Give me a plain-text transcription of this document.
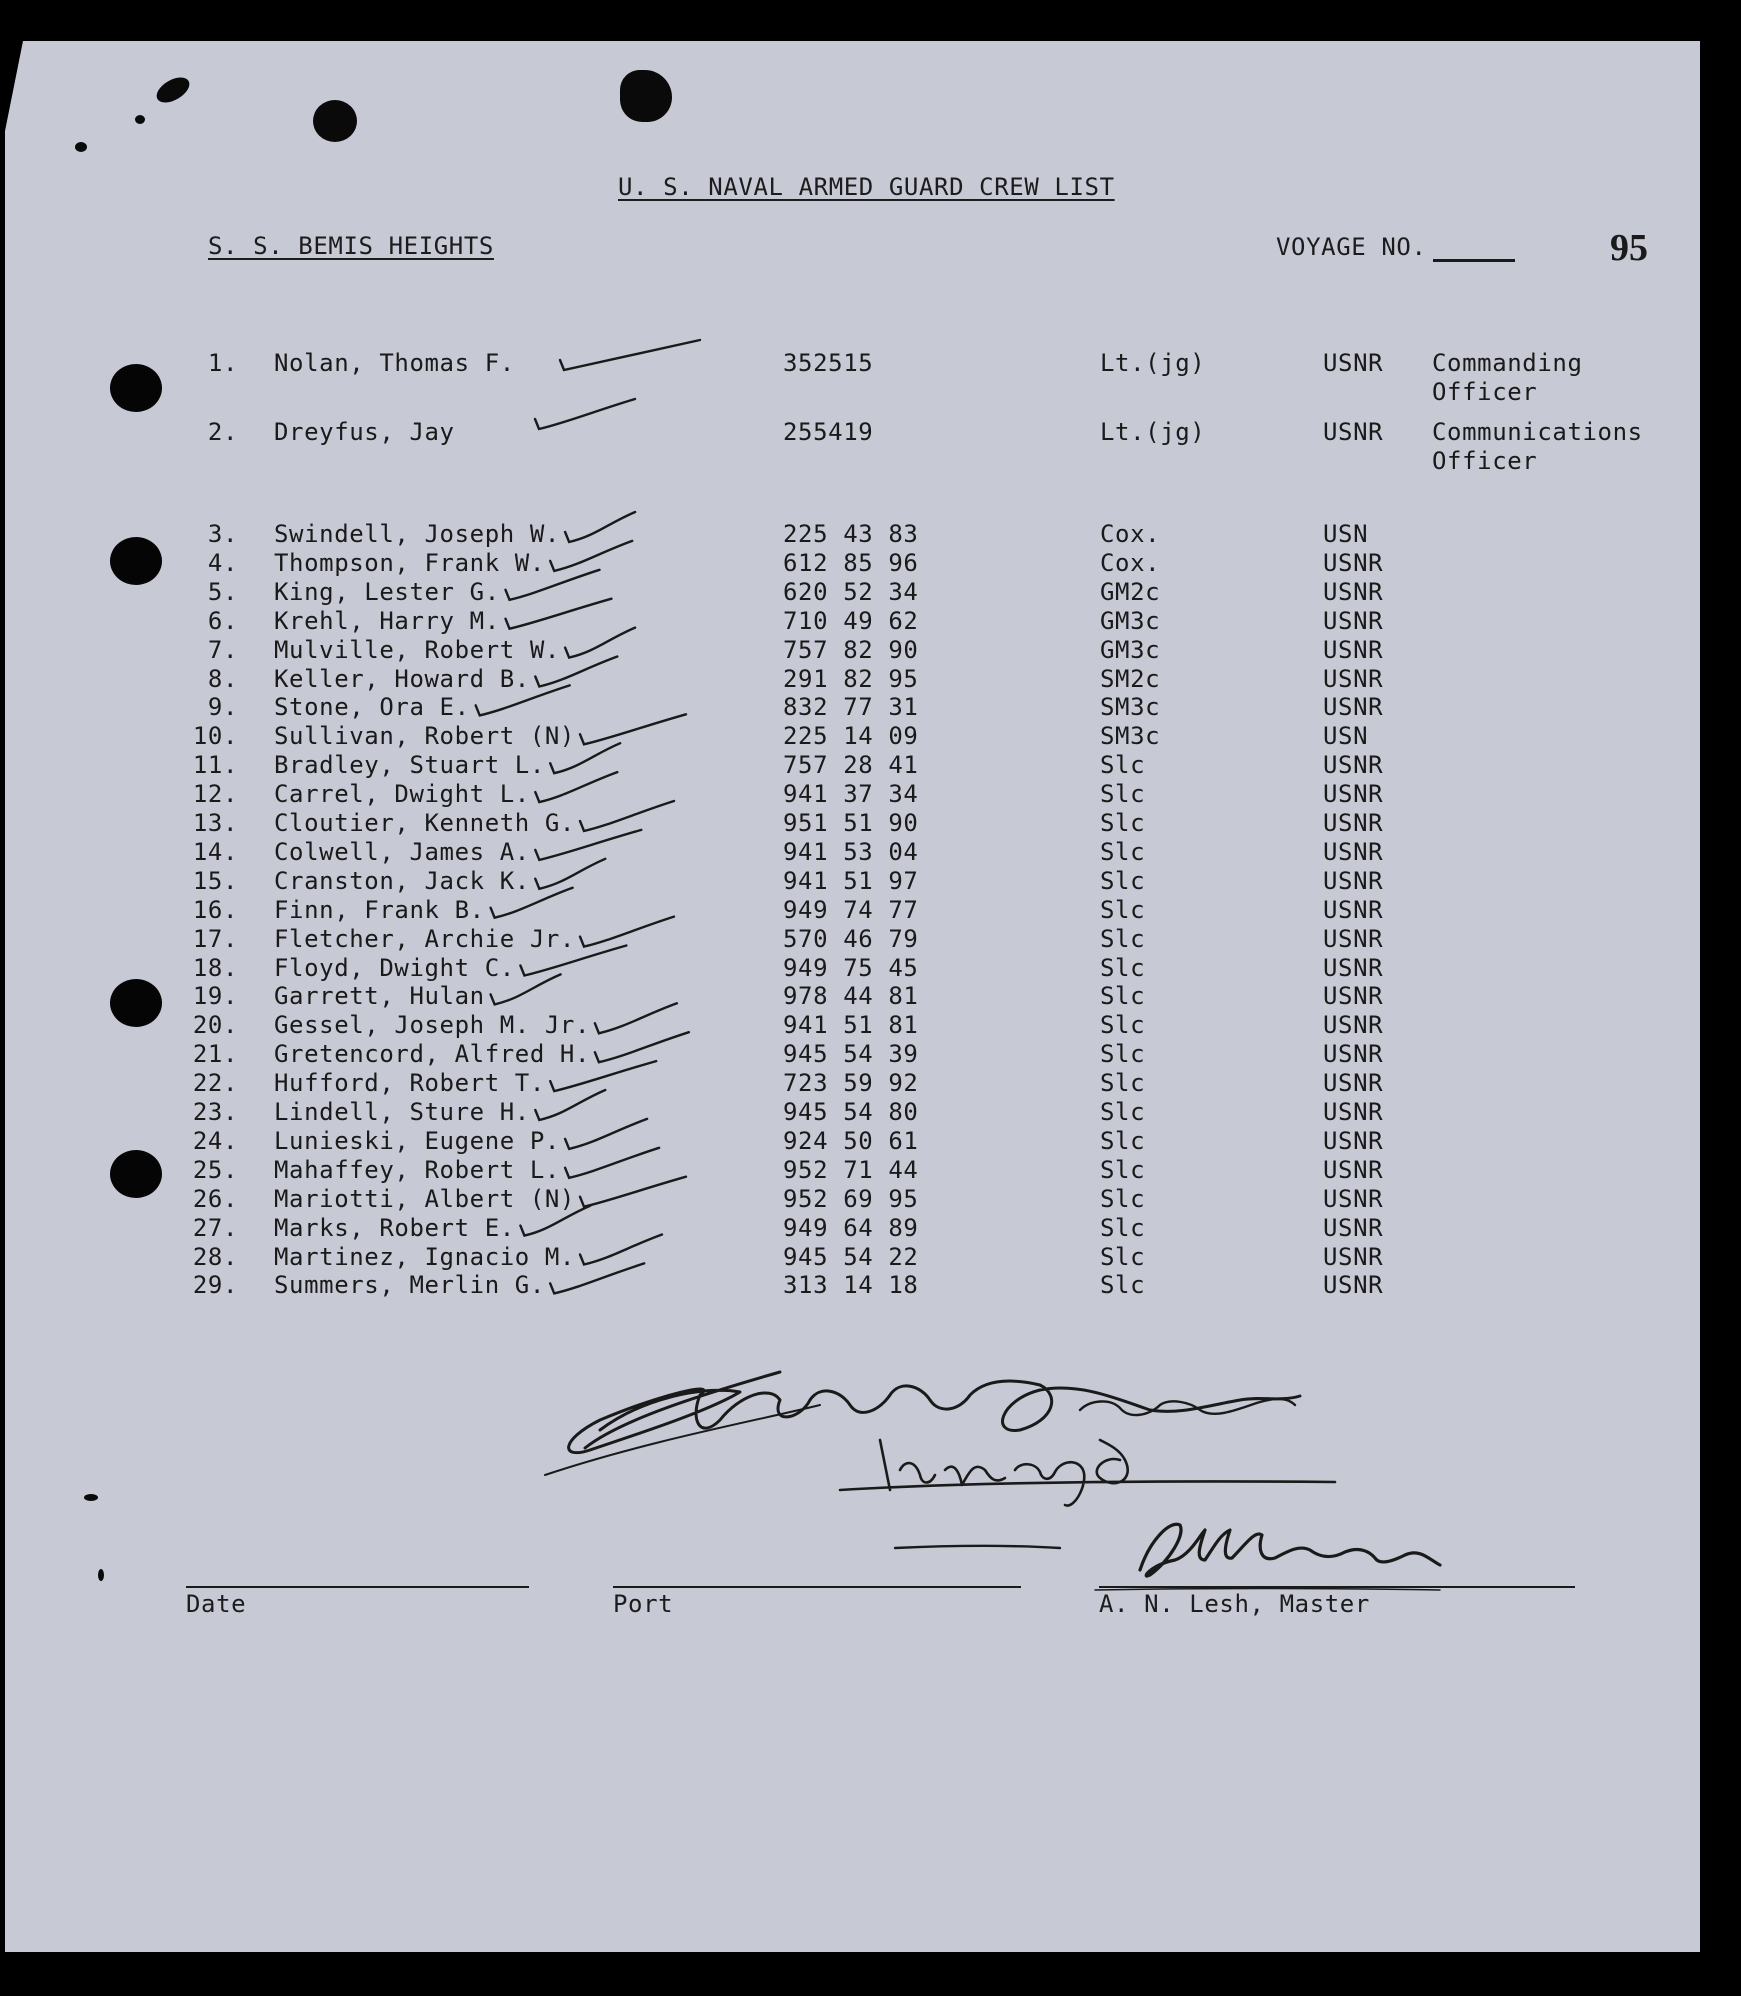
U. S. NAVAL ARMED GUARD CREW LIST
S. S. BEMIS HEIGHTS	VOYAGE NO.	95
1. Nolan, Thomas F.	352515	Lt.(jg)	USNR Commanding
Officer
2. Dreyfus, Jay	255419	Lt.(jg)	USNR Communications
Officer
3. Swindell, Joseph W.	225 43 83	Cox.	USN
4. Thompson, Frank W.	612 85 96	Cox.	USNR
5. King, Lester G.	620 52 34	GM2c	USNR
6. Krehl, Harry M.	710 49 62	GM3c	USNR
7. Mulville, Robert W.	757 82 90	GM3c	USNR
8. Keller, Howard B.	291 82 95	SM2c	USNR
9. Stone, Ora E.	832 77 31	SM3c	USNR
10. Sullivan, Robert (N)	225 14 09	SM3c	USN
11. Bradley, Stuart L.	757 28 41	Slc	USNR
12. Carrel, Dwight L.	941 37 34	Slc	USNR
13. Cloutier, Kenneth G.	951 51 90	Slc	USNR
14. Colwell, James A.	941 53 04	Slc	USNR
15. Cranston, Jack K.	941 51 97	Slc	USNR
16. Finn, Frank B.	949 74 77	Slc	USNR
17. Fletcher, Archie Jr.	570 46 79	Slc	USNR
18. Floyd, Dwight C.	949 75 45	Slc	USNR
19. Garrett, Hulan	978 44 81	Slc	USNR
20. Gessel, Joseph M. Jr.	941 51 81	Slc	USNR
21. Gretencord, Alfred H.	945 54 39	Slc	USNR
22. Hufford, Robert T.	723 59 92	Slc	USNR
23. Lindell, Sture H.	945 54 80	Slc	USNR
24. Lunieski, Eugene P.	924 50 61	Slc	USNR
25. Mahaffey, Robert L.	952 71 44	Slc	USNR
26. Mariotti, Albert (N)	952 69 95	Slc	USNR
27. Marks, Robert E.	949 64 89	Slc	USNR
28. Martinez, Ignacio M.	945 54 22	Slc	USNR
29. Summers, Merlin G.	313 14 18	Slc	USNR
Date	Port	A. N. Lesh, Master
